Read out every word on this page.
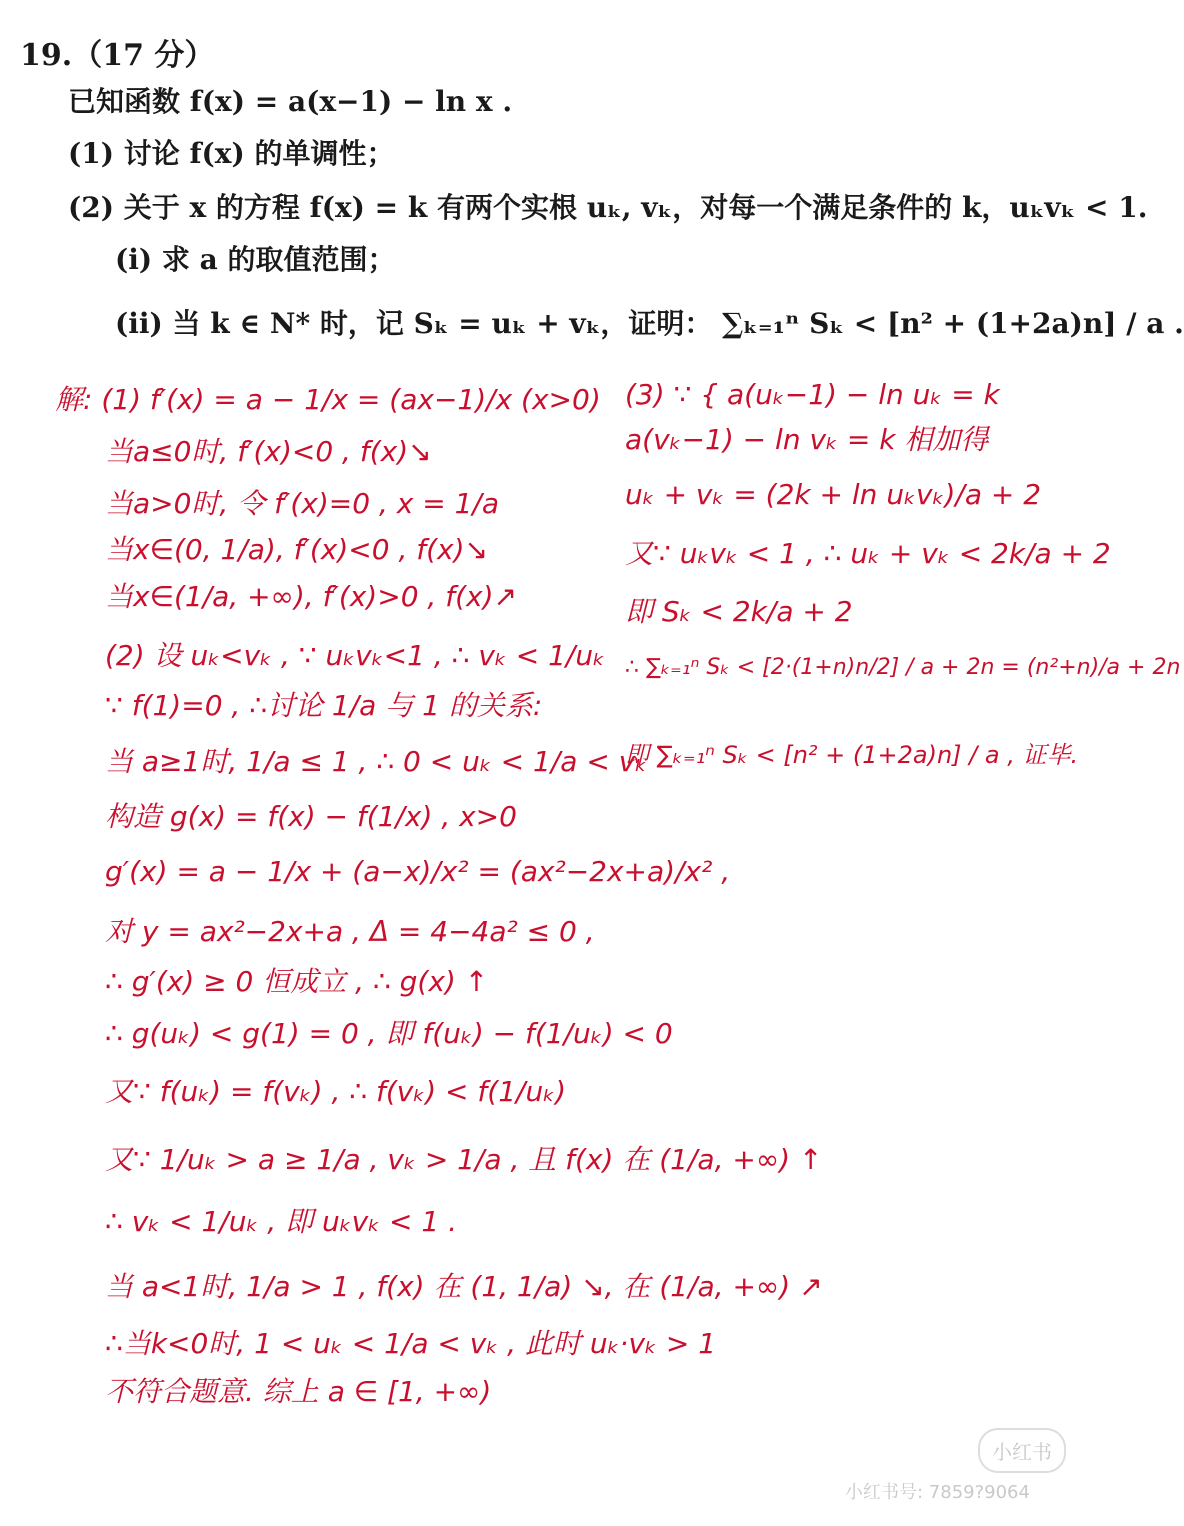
19.（17 分）
已知函数 f(x) = a(x−1) − ln x .
(1) 讨论 f(x) 的单调性；
(2) 关于 x 的方程 f(x) = k 有两个实根 uₖ, vₖ，对每一个满足条件的 k，uₖvₖ < 1.
(i) 求 a 的取值范围；
(ii) 当 k ∈ N* 时，记 Sₖ = uₖ + vₖ，证明： ∑ₖ₌₁ⁿ Sₖ < [n² + (1+2a)n] / a .
解: (1) f′(x) = a − 1/x = (ax−1)/x (x>0)
当a≤0时, f′(x)<0 , f(x)↘
当a>0时, 令 f′(x)=0 , x = 1/a
当x∈(0, 1/a), f′(x)<0 , f(x)↘
当x∈(1/a, +∞), f′(x)>0 , f(x)↗
(2) 设 uₖ<vₖ , ∵ uₖvₖ<1 , ∴ vₖ < 1/uₖ
∵ f(1)=0 , ∴讨论 1/a 与 1 的关系:
当 a≥1时, 1/a ≤ 1 , ∴ 0 < uₖ < 1/a < vₖ
构造 g(x) = f(x) − f(1/x) , x>0
g′(x) = a − 1/x + (a−x)/x² = (ax²−2x+a)/x² ,
对 y = ax²−2x+a , Δ = 4−4a² ≤ 0 ,
∴ g′(x) ≥ 0 恒成立 , ∴ g(x) ↑
∴ g(uₖ) < g(1) = 0 , 即 f(uₖ) − f(1/uₖ) < 0
又∵ f(uₖ) = f(vₖ) , ∴ f(vₖ) < f(1/uₖ)
又∵ 1/uₖ > a ≥ 1/a , vₖ > 1/a , 且 f(x) 在 (1/a, +∞) ↑
∴ vₖ < 1/uₖ , 即 uₖvₖ < 1 .
当 a<1时, 1/a > 1 , f(x) 在 (1, 1/a) ↘, 在 (1/a, +∞) ↗
∴当k<0时, 1 < uₖ < 1/a < vₖ , 此时 uₖ·vₖ > 1
不符合题意. 综上 a ∈ [1, +∞)
(3) ∵ { a(uₖ−1) − ln uₖ = k
a(vₖ−1) − ln vₖ = k 相加得
uₖ + vₖ = (2k + ln uₖvₖ)/a + 2
又∵ uₖvₖ < 1 , ∴ uₖ + vₖ < 2k/a + 2
即 Sₖ < 2k/a + 2
∴ ∑ₖ₌₁ⁿ Sₖ < [2·(1+n)n/2] / a + 2n = (n²+n)/a + 2n
即 ∑ₖ₌₁ⁿ Sₖ < [n² + (1+2a)n] / a , 证毕.
小红书
小红书号: 7859?9064
